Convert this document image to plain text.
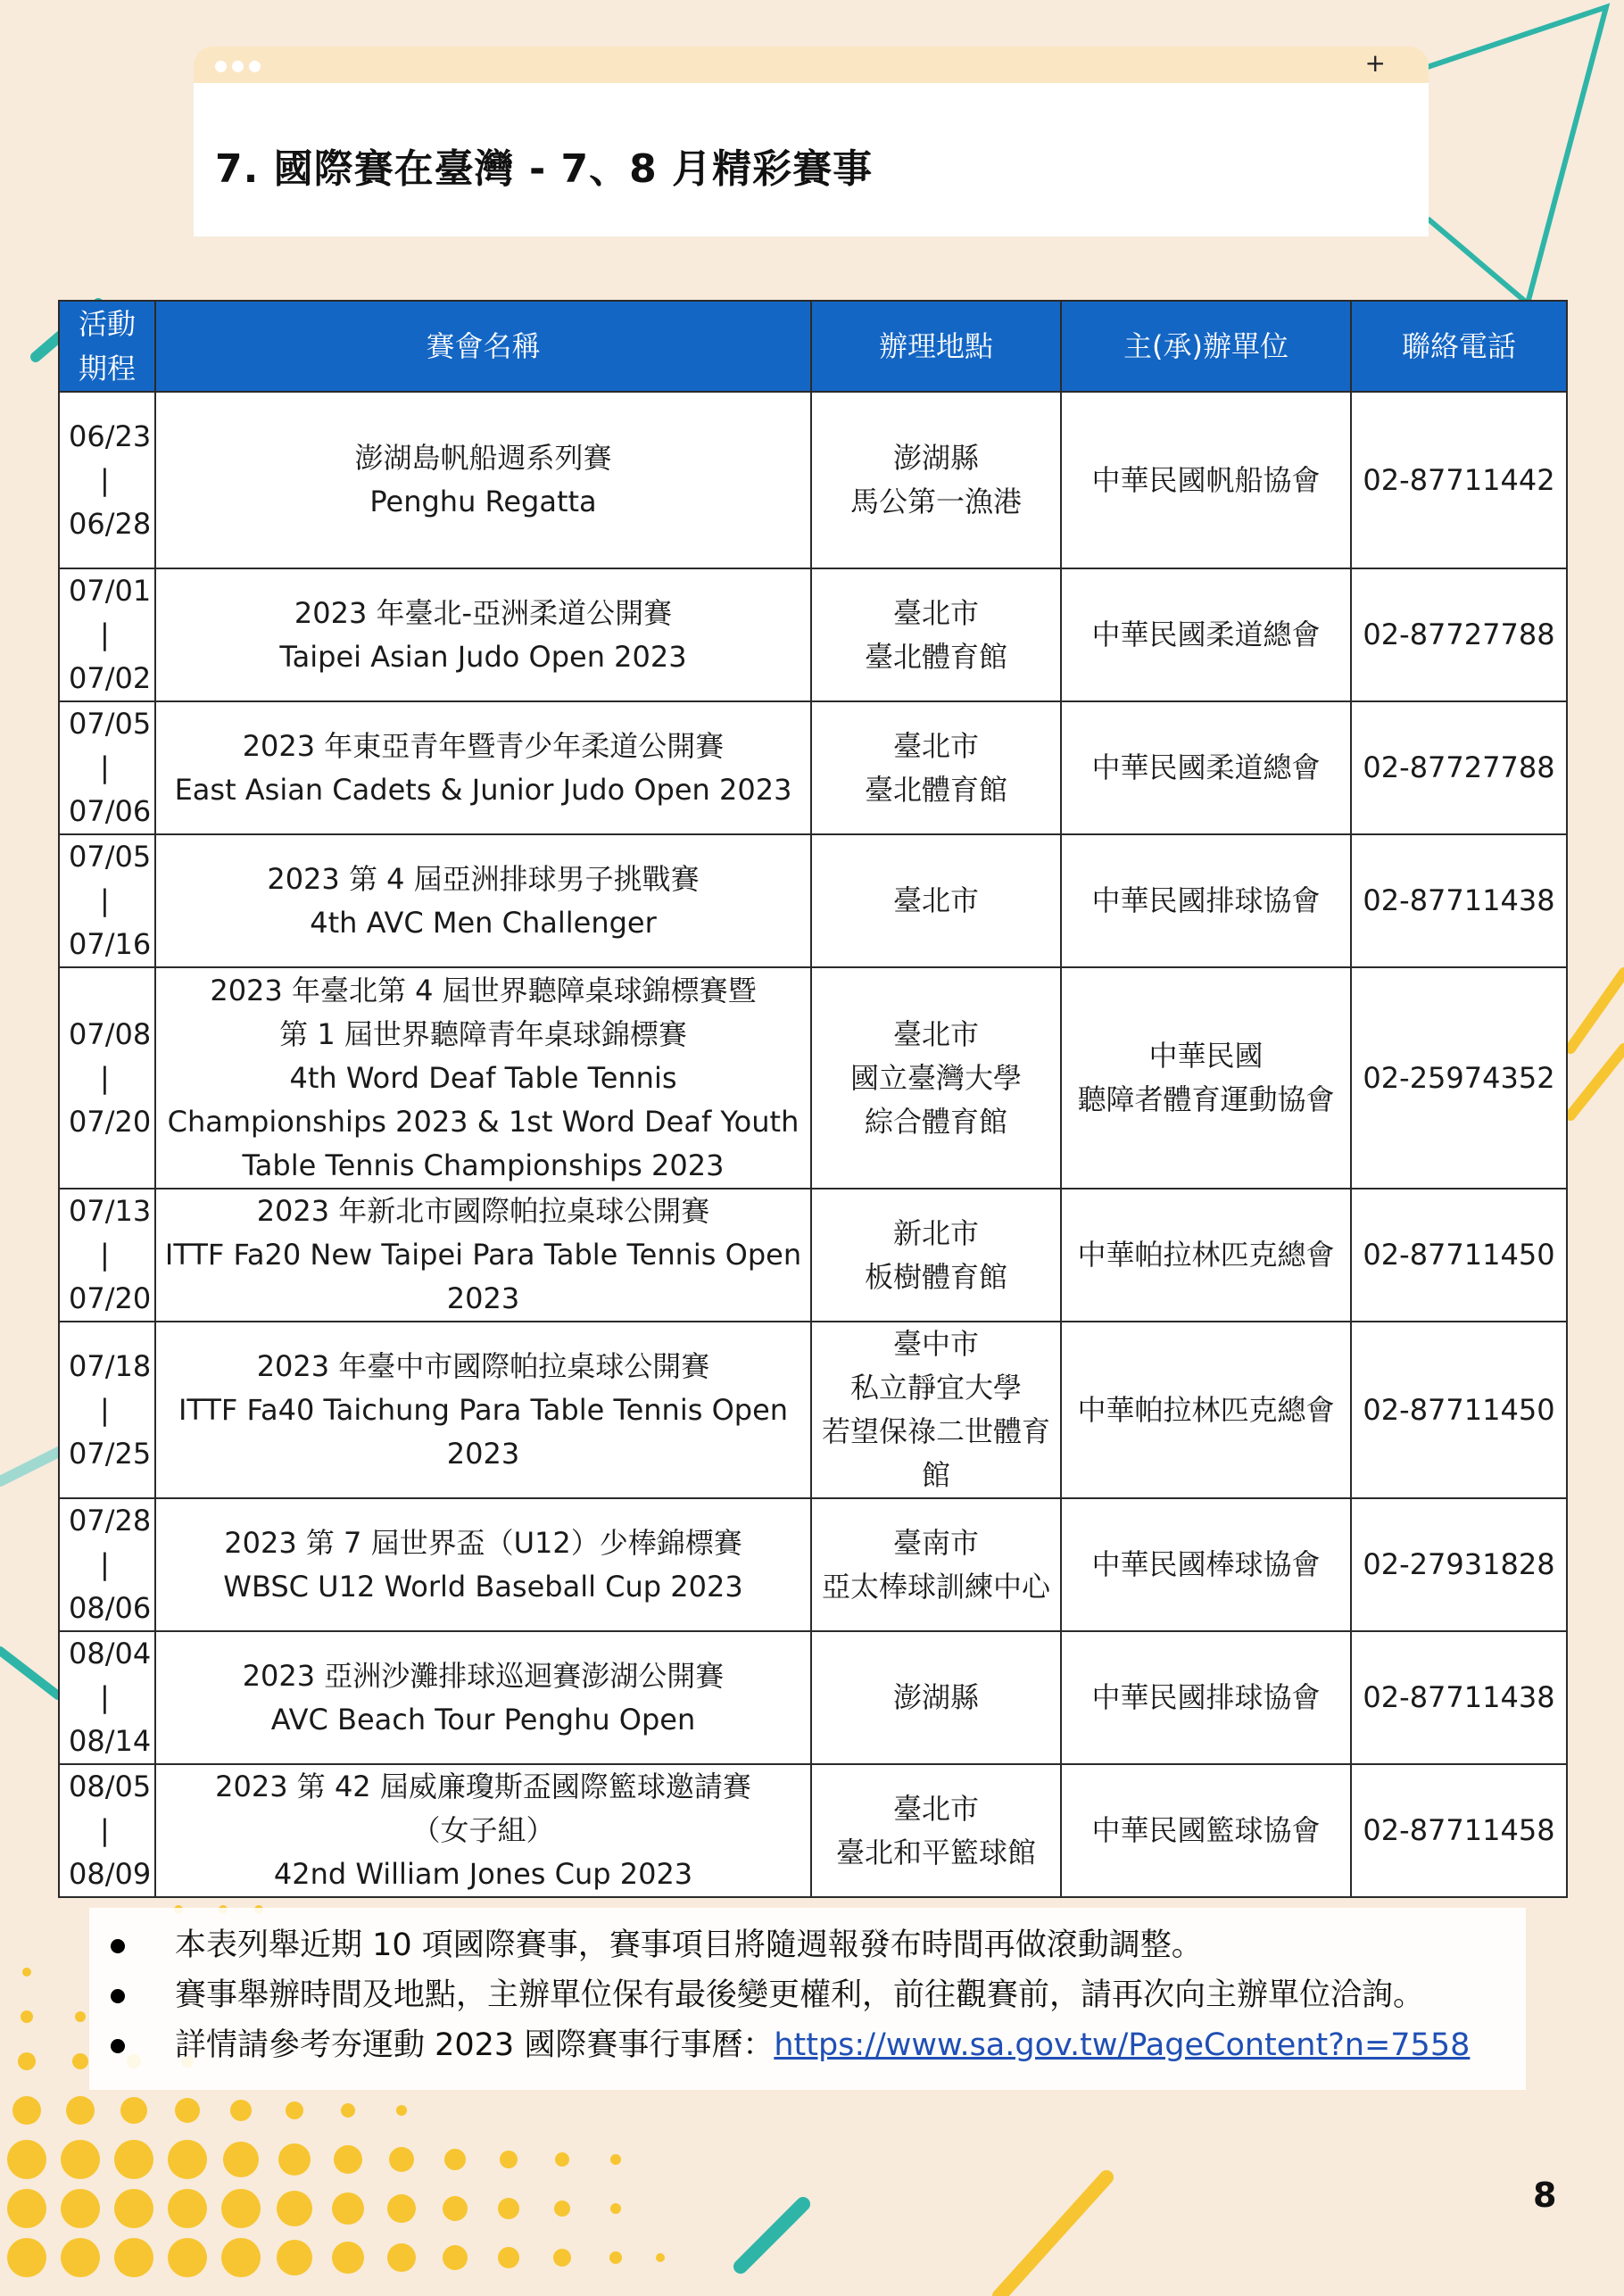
+
7. 國際賽在臺灣 - 7、8 月精彩賽事
活動
期程	賽會名稱	辦理地點	主(承)辦單位	聯絡電話

06/23
|
06/28	澎湖島帆船週系列賽
Penghu Regatta	澎湖縣
馬公第一漁港	中華民國帆船協會	02-87711442

07/01
|
07/02	2023 年臺北-亞洲柔道公開賽
Taipei Asian Judo Open 2023	臺北市
臺北體育館	中華民國柔道總會	02-87727788

07/05
|
07/06	2023 年東亞青年暨青少年柔道公開賽
East Asian Cadets & Junior Judo Open 2023	臺北市
臺北體育館	中華民國柔道總會	02-87727788

07/05
|
07/16	2023 第 4 屆亞洲排球男子挑戰賽
4th AVC Men Challenger	臺北市	中華民國排球協會	02-87711438

07/08
|
07/20	2023 年臺北第 4 屆世界聽障桌球錦標賽暨
第 1 屆世界聽障青年桌球錦標賽
4th Word Deaf Table Tennis
Championships 2023 & 1st Word Deaf Youth
Table Tennis Championships 2023	臺北市
國立臺灣大學
綜合體育館	中華民國
聽障者體育運動協會	02-25974352

07/13
|
07/20	2023 年新北市國際帕拉桌球公開賽
ITTF Fa20 New Taipei Para Table Tennis Open
2023	新北市
板樹體育館	中華帕拉林匹克總會	02-87711450

07/18
|
07/25	2023 年臺中市國際帕拉桌球公開賽
ITTF Fa40 Taichung Para Table Tennis Open
2023	臺中市
私立靜宜大學
若望保祿二世體育
館	中華帕拉林匹克總會	02-87711450

07/28
|
08/06	2023 第 7 屆世界盃（U12）少棒錦標賽
WBSC U12 World Baseball Cup 2023	臺南市
亞太棒球訓練中心	中華民國棒球協會	02-27931828

08/04
|
08/14	2023 亞洲沙灘排球巡迴賽澎湖公開賽
AVC Beach Tour Penghu Open	澎湖縣	中華民國排球協會	02-87711438

08/05
|
08/09	2023 第 42 屆威廉瓊斯盃國際籃球邀請賽
（女子組）
42nd William Jones Cup 2023	臺北市
臺北和平籃球館	中華民國籃球協會	02-87711458
本表列舉近期 10 項國際賽事，賽事項目將隨週報發布時間再做滾動調整。
賽事舉辦時間及地點，主辦單位保有最後變更權利，前往觀賽前，請再次向主辦單位洽詢。
詳情請參考夯運動 2023 國際賽事行事曆：https://www.sa.gov.tw/PageContent?n=7558
8
